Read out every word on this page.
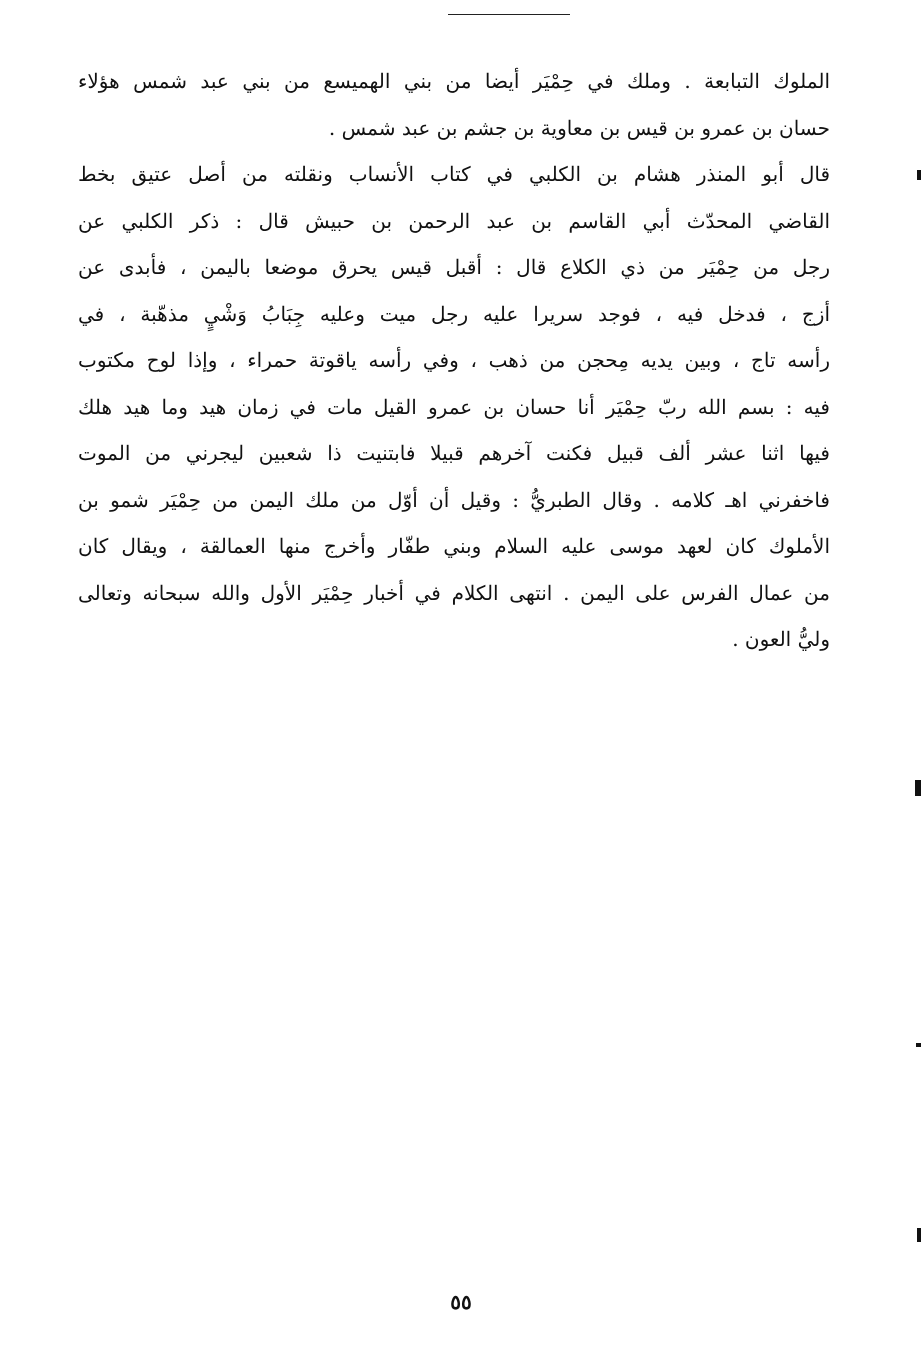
الملوك التبابعة . وملك في حِمْيَر أيضا من بني الهميسع من بني عبد شمس هؤلاء
حسان بن عمرو بن قيس بن معاوية بن جشم بن عبد شمس .
قال أبو المنذر هشام بن الكلبي في كتاب الأنساب ونقلته من أصل عتيق بخط
القاضي المحدّث أبي القاسم بن عبد الرحمن بن حبيش قال : ذكر الكلبي عن
رجل من حِمْيَر من ذي الكلاع قال : أقبل قيس يحرق موضعا باليمن ، فأبدى عن
أزج ، فدخل فيه ، فوجد سريرا عليه رجل ميت وعليه جِبَابُ وَشْيٍ مذهّبة ، في
رأسه تاج ، وبين يديه مِحجن من ذهب ، وفي رأسه ياقوتة حمراء ، وإذا لوح مكتوب
فيه : بسم الله ربّ حِمْيَر أنا حسان بن عمرو القيل مات في زمان هيد وما هيد هلك
فيها اثنا عشر ألف قبيل فكنت آخرهم قبيلا فابتنيت ذا شعبين ليجرني من الموت
فاخفرني اهـ كلامه . وقال الطبريُّ : وقيل أن أوّل من ملك اليمن من حِمْيَر شمو بن
الأملوك كان لعهد موسى عليه السلام وبني طفّار وأخرج منها العمالقة ، ويقال كان
من عمال الفرس على اليمن . انتهى الكلام في أخبار حِمْيَر الأول والله سبحانه وتعالى
وليُّ العون .
٥٥
